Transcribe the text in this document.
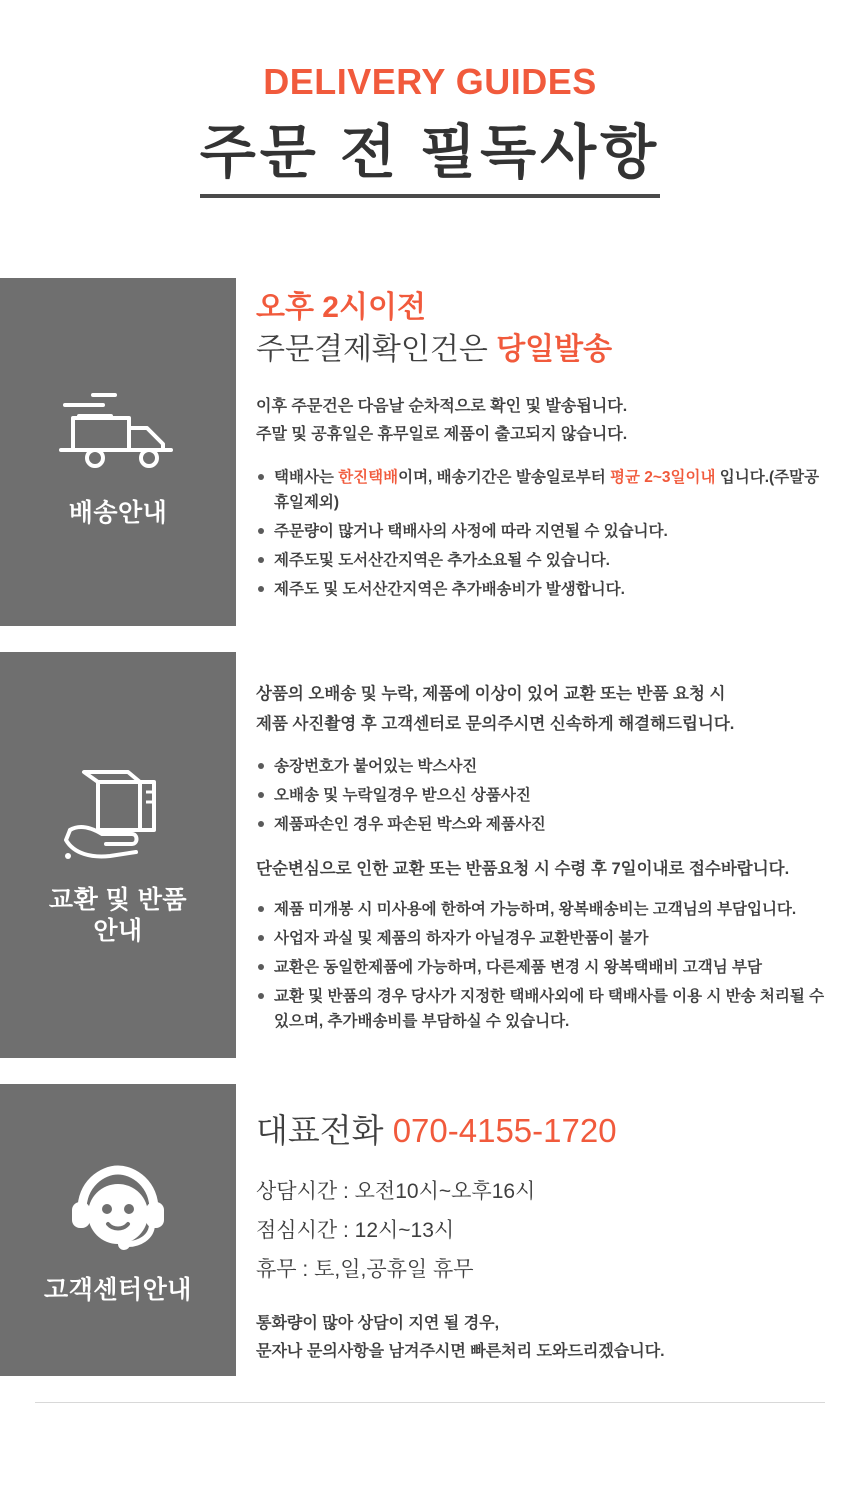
DELIVERY GUIDES
주문 전 필독사항
배송안내
오후 2시이전
주문결제확인건은 당일발송
이후 주문건은 다음날 순차적으로 확인 및 발송됩니다.
주말 및 공휴일은 휴무일로 제품이 출고되지 않습니다.
택배사는 한진택배이며, 배송기간은 발송일로부터 평균 2~3일이내 입니다.(주말공휴일제외)
주문량이 많거나 택배사의 사정에 따라 지연될 수 있습니다.
제주도및 도서산간지역은 추가소요될 수 있습니다.
제주도 및 도서산간지역은 추가배송비가 발생합니다.
교환 및 반품
안내
상품의 오배송 및 누락, 제품에 이상이 있어 교환 또는 반품 요청 시
제품 사진촬영 후 고객센터로 문의주시면 신속하게 해결해드립니다.
송장번호가 붙어있는 박스사진
오배송 및 누락일경우 받으신 상품사진
제품파손인 경우 파손된 박스와 제품사진
단순변심으로 인한 교환 또는 반품요청 시 수령 후 7일이내로 접수바랍니다.
제품 미개봉 시 미사용에 한하여 가능하며, 왕복배송비는 고객님의 부담입니다.
사업자 과실 및 제품의 하자가 아닐경우 교환반품이 불가
교환은 동일한제품에 가능하며, 다른제품 변경 시 왕복택배비 고객님 부담
교환 및 반품의 경우 당사가 지정한 택배사외에 타 택배사를 이용 시 반송 처리될 수 있으며, 추가배송비를 부담하실 수 있습니다.
고객센터안내
대표전화 070-4155-1720
상담시간 : 오전10시~오후16시
점심시간 : 12시~13시
휴무 : 토,일,공휴일 휴무
통화량이 많아 상담이 지연 될 경우,
문자나 문의사항을 남겨주시면 빠른처리 도와드리겠습니다.
